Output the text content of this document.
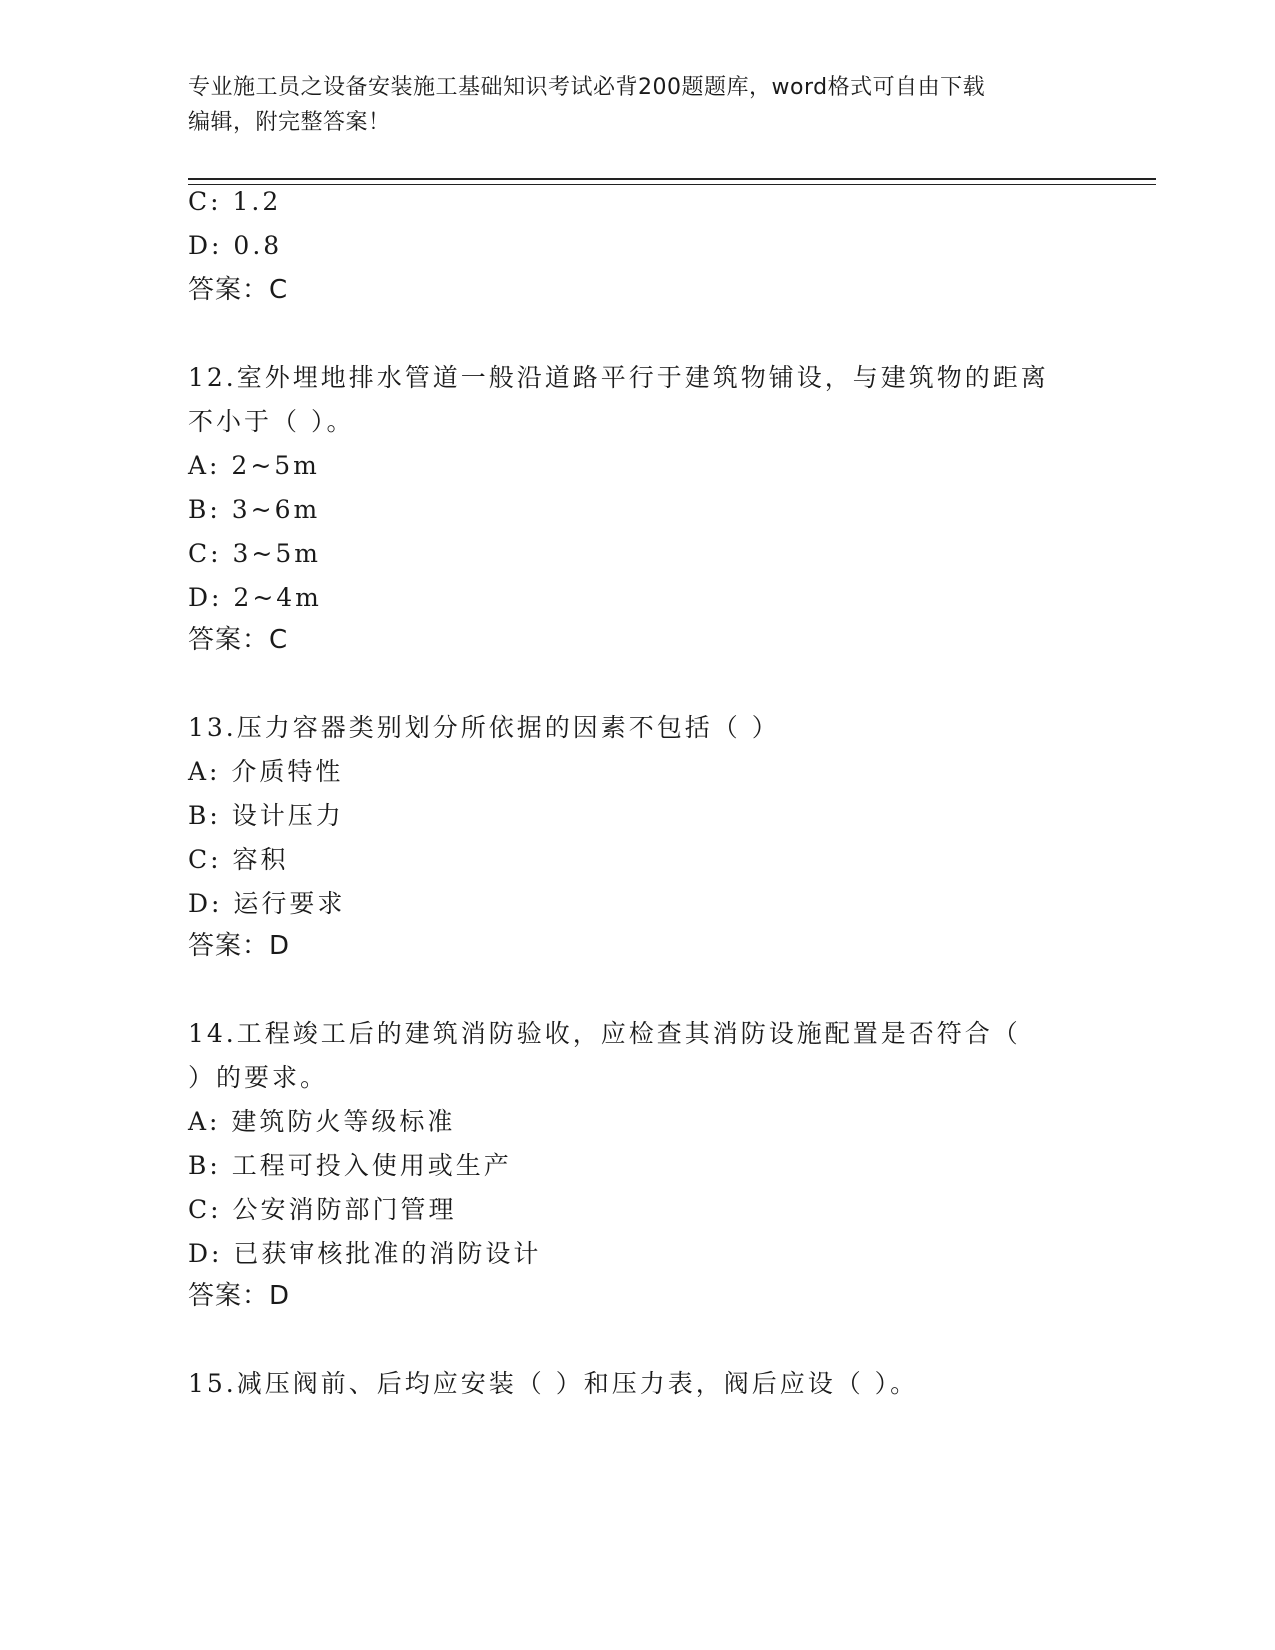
专业施工员之设备安装施工基础知识考试必背200题题库，word格式可自由下载
编辑，附完整答案！
C: 1.2
D: 0.8
答案：C
12.室外埋地排水管道一般沿道路平行于建筑物铺设，与建筑物的距离
不小于（ ）。
A: 2~5m
B: 3~6m
C: 3~5m
D: 2~4m
答案：C
13.压力容器类别划分所依据的因素不包括（ ）
A: 介质特性
B: 设计压力
C: 容积
D: 运行要求
答案：D
14.工程竣工后的建筑消防验收，应检查其消防设施配置是否符合（
）的要求。
A: 建筑防火等级标准
B: 工程可投入使用或生产
C: 公安消防部门管理
D: 已获审核批准的消防设计
答案：D
15.减压阀前、后均应安装（ ）和压力表，阀后应设（ ）。
